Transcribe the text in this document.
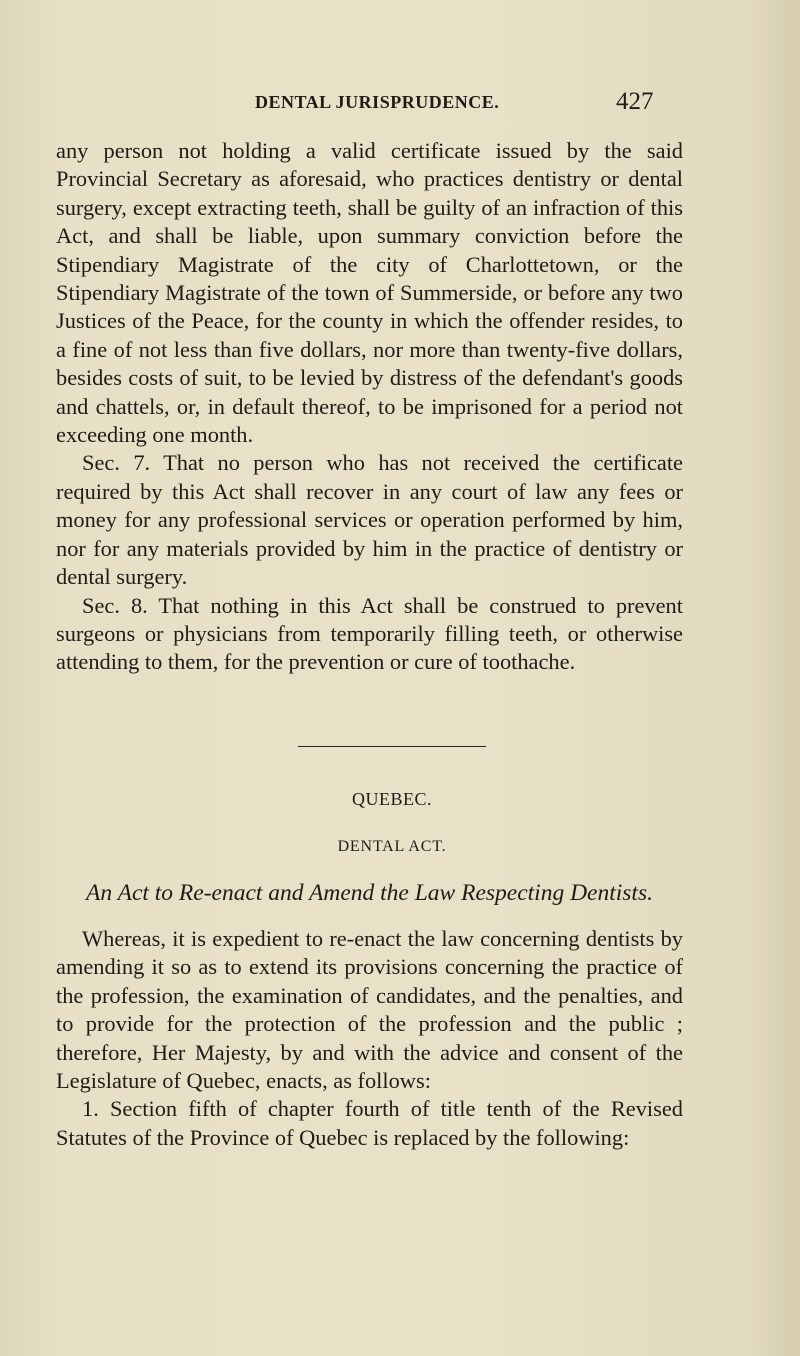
DENTAL JURISPRUDENCE.	427

any person not holding a valid certificate issued by the said Provincial Secretary as aforesaid, who practices dentistry or dental surgery, except extracting teeth, shall be guilty of an infraction of this Act, and shall be liable, upon summary conviction before the Stipendiary Magistrate of the city of Charlottetown, or the Stipendiary Magistrate of the town of Summerside, or before any two Justices of the Peace, for the county in which the offender resides, to a fine of not less than five dollars, nor more than twenty-five dollars, besides costs of suit, to be levied by distress of the defendant's goods and chattels, or, in default thereof, to be imprisoned for a period not exceeding one month.

Sec. 7. That no person who has not received the certificate required by this Act shall recover in any court of law any fees or money for any professional services or operation performed by him, nor for any materials provided by him in the practice of dentistry or dental surgery.

Sec. 8. That nothing in this Act shall be construed to prevent surgeons or physicians from temporarily filling teeth, or otherwise attending to them, for the prevention or cure of toothache.

QUEBEC.
DENTAL ACT.
An Act to Re-enact and Amend the Law Respecting Dentists.

Whereas, it is expedient to re-enact the law concerning dentists by amending it so as to extend its provisions concerning the practice of the profession, the examination of candidates, and the penalties, and to provide for the protection of the profession and the public ; therefore, Her Majesty, by and with the advice and consent of the Legislature of Quebec, enacts, as follows:

1. Section fifth of chapter fourth of title tenth of the Revised Statutes of the Province of Quebec is replaced by the following:
